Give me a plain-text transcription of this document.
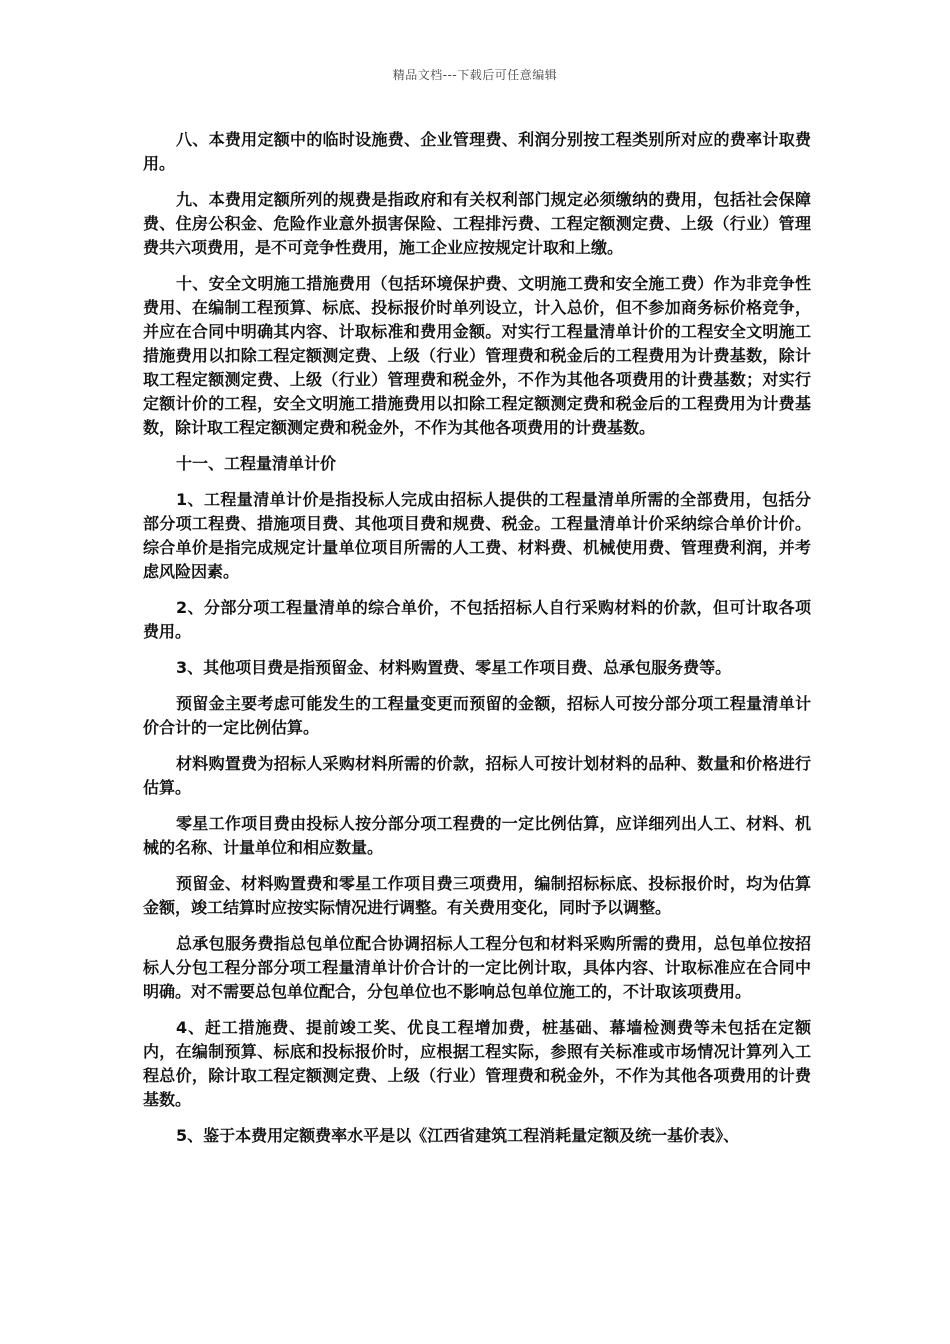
精品文档---下载后可任意编辑

八、本费用定额中的临时设施费、企业管理费、利润分别按工程类别所对应的费率计取费用。

九、本费用定额所列的规费是指政府和有关权利部门规定必须缴纳的费用，包括社会保障费、住房公积金、危险作业意外损害保险、工程排污费、工程定额测定费、上级（行业）管理费共六项费用，是不可竞争性费用，施工企业应按规定计取和上缴。

十、安全文明施工措施费用（包括环境保护费、文明施工费和安全施工费）作为非竞争性费用、在编制工程预算、标底、投标报价时单列设立，计入总价，但不参加商务标价格竞争，并应在合同中明确其内容、计取标准和费用金额。对实行工程量清单计价的工程安全文明施工措施费用以扣除工程定额测定费、上级（行业）管理费和税金后的工程费用为计费基数，除计取工程定额测定费、上级（行业）管理费和税金外，不作为其他各项费用的计费基数；对实行定额计价的工程，安全文明施工措施费用以扣除工程定额测定费和税金后的工程费用为计费基数，除计取工程定额测定费和税金外，不作为其他各项费用的计费基数。

十一、工程量清单计价

1、工程量清单计价是指投标人完成由招标人提供的工程量清单所需的全部费用，包括分部分项工程费、措施项目费、其他项目费和规费、税金。工程量清单计价采纳综合单价计价。综合单价是指完成规定计量单位项目所需的人工费、材料费、机械使用费、管理费利润，并考虑风险因素。

2、分部分项工程量清单的综合单价，不包括招标人自行采购材料的价款，但可计取各项费用。

3、其他项目费是指预留金、材料购置费、零星工作项目费、总承包服务费等。

预留金主要考虑可能发生的工程量变更而预留的金额，招标人可按分部分项工程量清单计价合计的一定比例估算。

材料购置费为招标人采购材料所需的价款，招标人可按计划材料的品种、数量和价格进行估算。

零星工作项目费由投标人按分部分项工程费的一定比例估算，应详细列出人工、材料、机械的名称、计量单位和相应数量。

预留金、材料购置费和零星工作项目费三项费用，编制招标标底、投标报价时，均为估算金额，竣工结算时应按实际情况进行调整。有关费用变化，同时予以调整。

总承包服务费指总包单位配合协调招标人工程分包和材料采购所需的费用，总包单位按招标人分包工程分部分项工程量清单计价合计的一定比例计取，具体内容、计取标准应在合同中明确。对不需要总包单位配合，分包单位也不影响总包单位施工的，不计取该项费用。

4、赶工措施费、提前竣工奖、优良工程增加费，桩基础、幕墙检测费等未包括在定额内，在编制预算、标底和投标报价时，应根据工程实际，参照有关标准或市场情况计算列入工程总价，除计取工程定额测定费、上级（行业）管理费和税金外，不作为其他各项费用的计费基数。

5、鉴于本费用定额费率水平是以《江西省建筑工程消耗量定额及统一基价表》、
